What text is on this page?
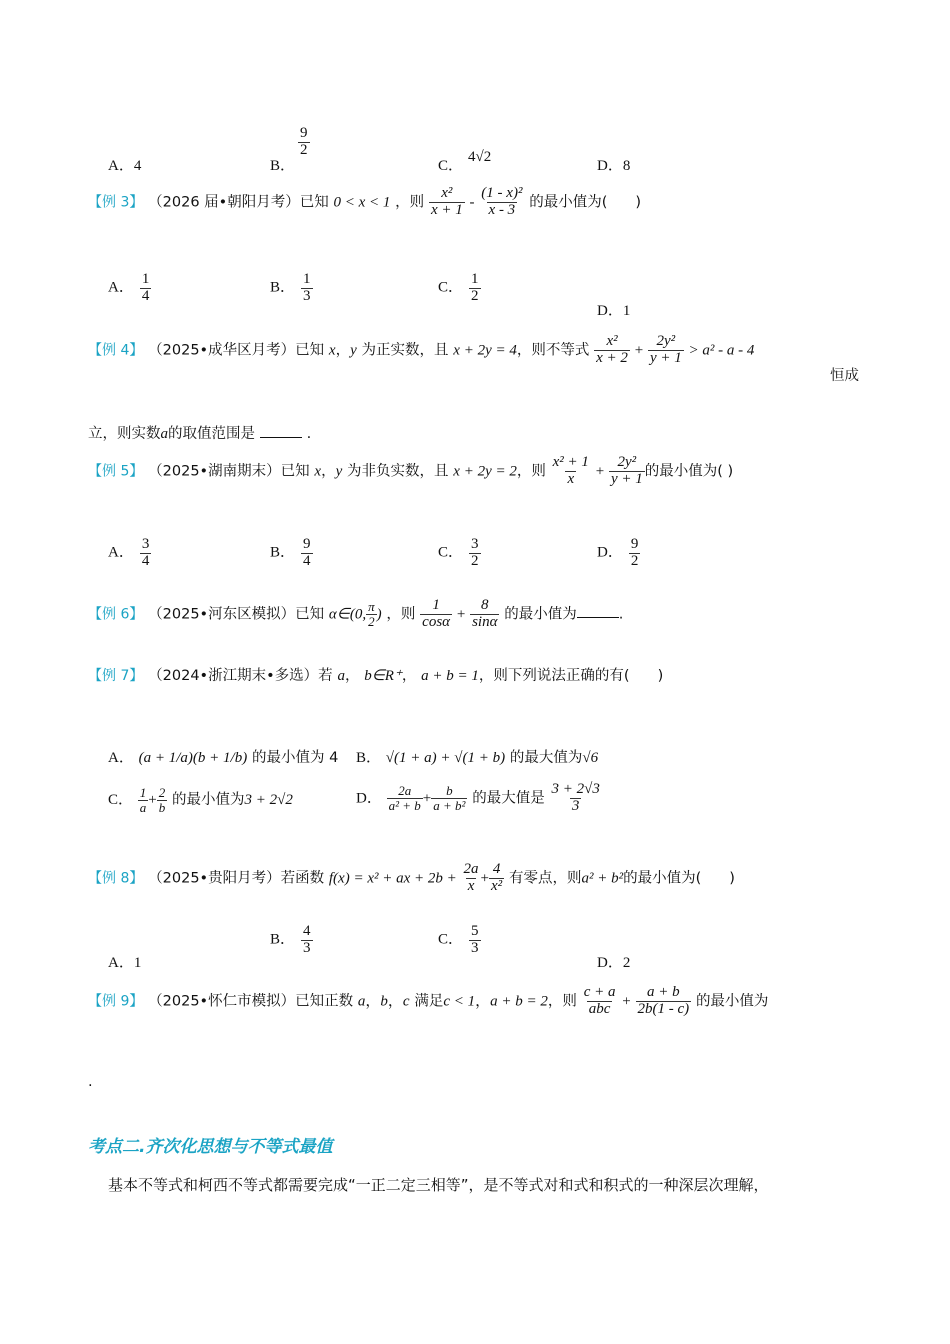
A．4	B．
$\frac{9}{2}$
C．
4√2
D．8
【例 3】 （2026 届•朝阳月考）已知 0 < x < 1 ，则 $\frac{\text{x²}}{x + 1} - \frac{\text{(1 - x)²}}{x - 3}$ 的最小值为( )
A． $\frac{1}{4}$	B． $\frac{1}{3}$	C． $\frac{1}{2}$
D．1
【例 4】 （2025•成华区月考）已知 x，y 为正实数，且 x + 2y = 4，则不等式 $\frac{\text{x²}}{x + 2} + \frac{\text{2y²}}{y + 1} > a^2 - a - 4$
恒成
立，则实数a的取值范围是	.
【例 5】 （2025•湖南期末）已知 x，y 为非负实数，且 x + 2y = 2，则 $\frac{\text{x² + 1}}{x} + \frac{\text{2y²}}{y + 1}$ 的最小值为( )
A． $\frac{3}{4}$	B． $\frac{9}{4}$	C． $\frac{3}{2}$	D． $\frac{9}{2}$
【例 6】 （2025•河东区模拟）已知 α∈(0, $\frac{\pi}{2}$ ) ，则 $\frac{1}{\cos\alpha} + \frac{8}{\sin\alpha}$ 的最小值为	.
【例 7】 （2024•浙江期末•多选）若 a， b∈R⁺， a + b = 1，则下列说法正确的有( )
A． (a + 1/a)(b + 1/b) 的最小值为 4 B． √(1 + a) + √(1 + b) 的最大值为√6
C． $\frac{1}{a} + \frac{2}{b}$ 的最小值为3 + 2√2	D． $\frac{2a}{\text{a² + b}} + \frac{b}{\text{a + b²}}$ 的最大值是 $\frac{3 + 2√3}{3}$
【例 8】 （2025•贵阳月考）若函数 f(x) = x² + ax + $2b + \frac{2a}{x} + \frac{4}{\text{x²}}$ 有零点，则a² + b²的最小值为( )
A．1
B． $\frac{4}{3}$	C． $\frac{5}{3}$
D．2
【例 9】 （2025•怀仁市模拟）已知正数 a，b，c 满足c < 1，a + b = 2，则 $\frac{c + a}{\text{abc}} + \frac{a + b}{2b(1 - c)}$ 的最小值为
.
考点二.齐次化思想与不等式最值
基本不等式和柯西不等式都需要完成“一正二定三相等”，是不等式对和式和积式的一种深层次理解，
